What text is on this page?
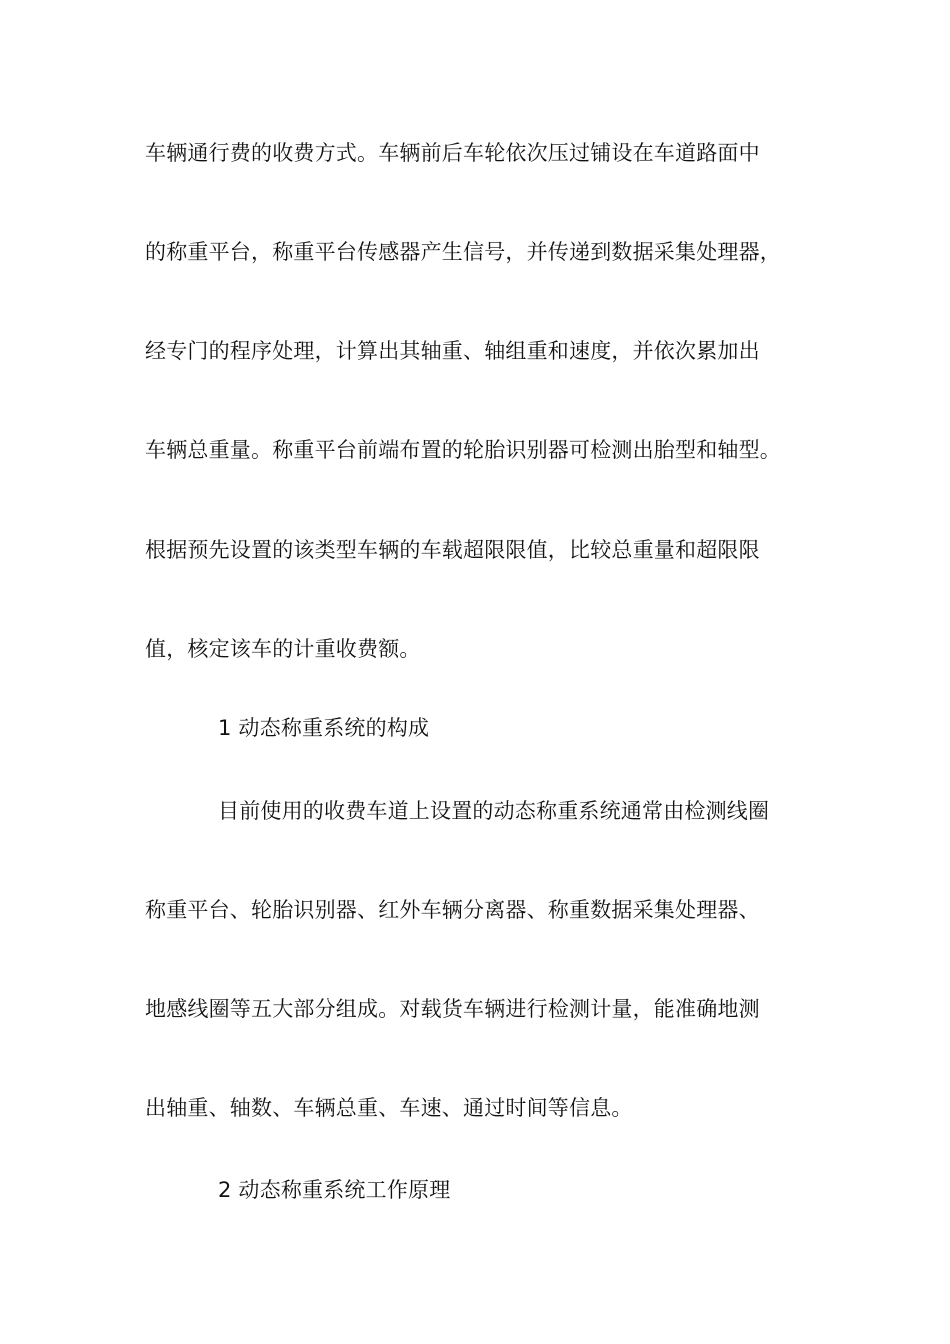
车辆通行费的收费方式。车辆前后车轮依次压过铺设在车道路面中
的称重平台，称重平台传感器产生信号，并传递到数据采集处理器，
经专门的程序处理，计算出其轴重、轴组重和速度，并依次累加出
车辆总重量。称重平台前端布置的轮胎识别器可检测出胎型和轴型。
根据预先设置的该类型车辆的车载超限限值，比较总重量和超限限
值，核定该车的计重收费额。
1 动态称重系统的构成
目前使用的收费车道上设置的动态称重系统通常由检测线圈
称重平台、轮胎识别器、红外车辆分离器、称重数据采集处理器、
地感线圈等五大部分组成。对载货车辆进行检测计量，能准确地测
出轴重、轴数、车辆总重、车速、通过时间等信息。
2 动态称重系统工作原理
